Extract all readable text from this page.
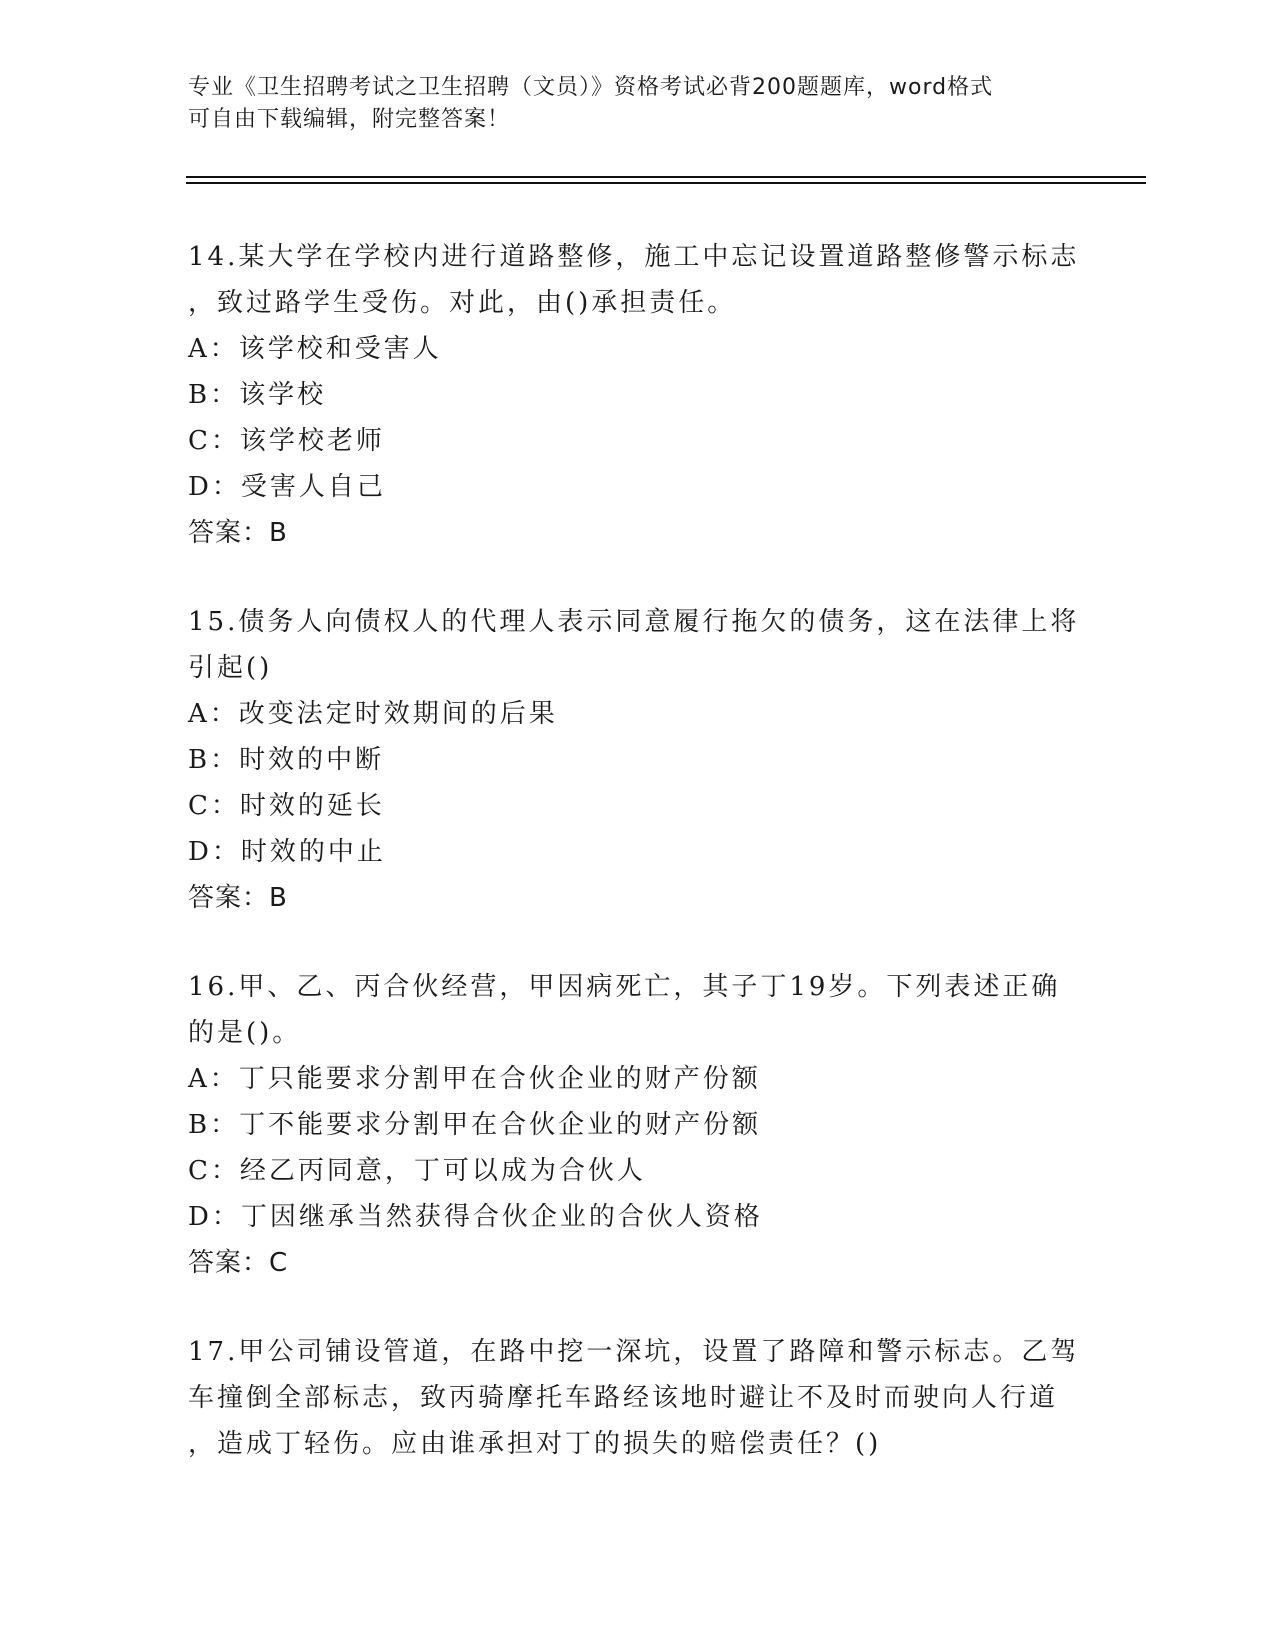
专业《卫生招聘考试之卫生招聘（文员）》资格考试必背200题题库，word格式
可自由下载编辑，附完整答案！

14.某大学在学校内进行道路整修，施工中忘记设置道路整修警示标志

，致过路学生受伤。对此，由()承担责任。

A：该学校和受害人

B：该学校

C：该学校老师

D：受害人自己

答案：B

15.债务人向债权人的代理人表示同意履行拖欠的债务，这在法律上将

引起()

A：改变法定时效期间的后果

B：时效的中断

C：时效的延长

D：时效的中止

答案：B

16.甲、乙、丙合伙经营，甲因病死亡，其子丁19岁。下列表述正确

的是()。

A：丁只能要求分割甲在合伙企业的财产份额

B：丁不能要求分割甲在合伙企业的财产份额

C：经乙丙同意，丁可以成为合伙人

D：丁因继承当然获得合伙企业的合伙人资格

答案：C

17.甲公司铺设管道，在路中挖一深坑，设置了路障和警示标志。乙驾

车撞倒全部标志，致丙骑摩托车路经该地时避让不及时而驶向人行道

，造成丁轻伤。应由谁承担对丁的损失的赔偿责任？()
